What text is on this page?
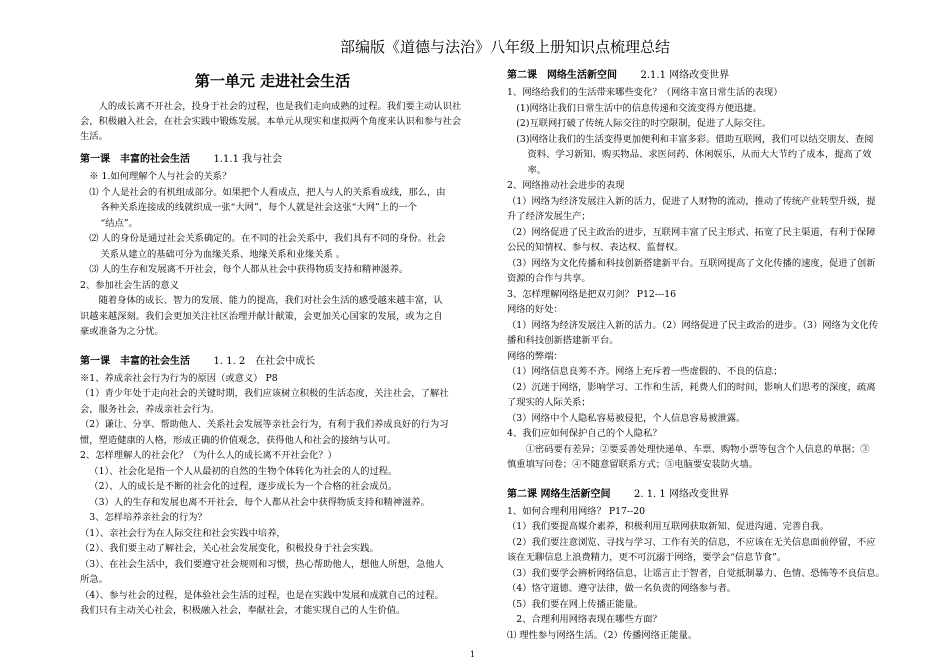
部编版《道德与法治》八年级上册知识点梳理总结
第一单元 走进社会生活

人的成长离不开社会，投身于社会的过程，也是我们走向成熟的过程。我们要主动认识社会，积极融入社会，在社会实践中锻炼发展。本单元从现实和虚拟两个角度来认识和参与社会生活。

第一课　丰富的社会生活 1.1.1 我与社会

※ 1.如何理解个人与社会的关系？

⑴ 个人是社会的有机组成部分。如果把个人看成点，把人与人的关系看成线，那么，由

各种关系连接成的线就织成一张“大网”，每个人就是社会这张“大网”上的一个

“结点”。

⑵ 人的身份是通过社会关系确定的。在不同的社会关系中，我们具有不同的身份。社会

关系从建立的基础可分为血缘关系、地缘关系和业缘关系 。

⑶ 人的生存和发展离不开社会，每个人都从社会中获得物质支持和精神滋养。

2、参加社会生活的意义

随着身体的成长、智力的发展、能力的提高，我们对社会生活的感受越来越丰富，认

识越来越深刻。我们会更加关注社区治理并献计献策，会更加关心国家的发展，或为之自

豪或准备为之分忧。

第一课　丰富的社会生活 1. 1. 2　在社会中成长

※1、养成亲社会行为行为的原因（或意义） P8

（1）青少年处于走向社会的关键时期，我们应该树立积极的生活态度，关注社会，了解社

会，服务社会，养成亲社会行为。

（2）谦让、分享、帮助他人、关系社会发展等亲社会行为，有利于我们养成良好的行为习

惯，塑造健康的人格，形成正确的价值观念，获得他人和社会的接纳与认可。

2、怎样理解人的社会化？（为什么人的成长离不开社会化？）

（1）、社会化是指一个人从最初的自然的生物个体转化为社会的人的过程。

（2）、人的成长是不断的社会化的过程，逐步成长为一个合格的社会成员。

（3）人的生存和发展也离不开社会，每个人都从社会中获得物质支持和精神滋养。

3、怎样培养亲社会的行为？

（1）、亲社会行为在人际交往和社会实践中培养，

（2）、我们要主动了解社会，关心社会发展变化，积极投身于社会实践。

（3）、在社会生活中，我们要遵守社会规则和习惯，热心帮助他人，想他人所想，急他人

所急。

（4）、参与社会的过程，是体验社会生活的过程，也是在实践中发展和成就自己的过程。

我们只有主动关心社会，积极融入社会，奉献社会，才能实现自己的人生价值。

第二课　网络生活新空间 2.1.1 网络改变世界

1、网络给我们的生活带来哪些变化？（网络丰富日常生活的表现）

(1)网络让我们日常生活中的信息传递和交流变得方便迅捷。

(2)互联网打破了传统人际交往的时空限制，促进了人际交往。

(3)网络让我们的生活变得更加便利和丰富多彩。借助互联网，我们可以结交朋友、查阅

资料、学习新知、购买物品、求医问药、休闲娱乐，从而大大节约了成本，提高了效

率。

2、网络推动社会进步的表现

（1）网络为经济发展注入新的活力，促进了人财物的流动，推动了传统产业转型升级，提

升了经济发展生产；

（2）网络促进了民主政治的进步，互联网丰富了民主形式、拓宽了民主渠道，有利于保障

公民的知情权、参与权、表达权、监督权。

（3）网络为文化传播和科技创新搭建新平台。互联网提高了文化传播的速度，促进了创新

资源的合作与共享。

3、怎样理解网络是把双刃剑？ P12---16

网络的好处：

（1）网络为经济发展注入新的活力。（2）网络促进了民主政治的进步。（3）网络为文化传

播和科技创新搭建新平台。

网络的弊端：

（1）网络信息良莠不齐。网络上充斥着一些虚假的、不良的信息；

（2）沉迷于网络，影响学习、工作和生活，耗费人们的时间，影响人们思考的深度，疏离

了现实的人际关系；

（3）网络中个人隐私容易被侵犯，个人信息容易被泄露。

4、我们应如何保护自己的个人隐私？

①密码要有差异；②要妥善处理快递单、车票、购物小票等包含个人信息的单据；③

慎重填写问卷；④不随意留联系方式；⑤电脑要安装防火墙。

第二课 网络生活新空间 2. 1. 1 网络改变世界

1、如何合理利用网络？ P17--20

（1）我们要提高媒介素养，积极利用互联网获取新知、促进沟通、完善自我。

（2）我们要注意浏览、寻找与学习、工作有关的信息，不应该在无关信息面前停留，不应

该在无聊信息上浪费精力，更不可沉溺于网络，要学会“信息节食”。

（3）我们要学会辨析网络信息，让谣言止于智者，自觉抵制暴力、色情、恐怖等不良信息。

（4）恪守道德、遵守法律，做一名负责的网络参与者。

（5）我们要在网上传播正能量。

2、合理利用网络表现在哪些方面？

⑴ 理性参与网络生活。（2）传播网络正能量。

1
